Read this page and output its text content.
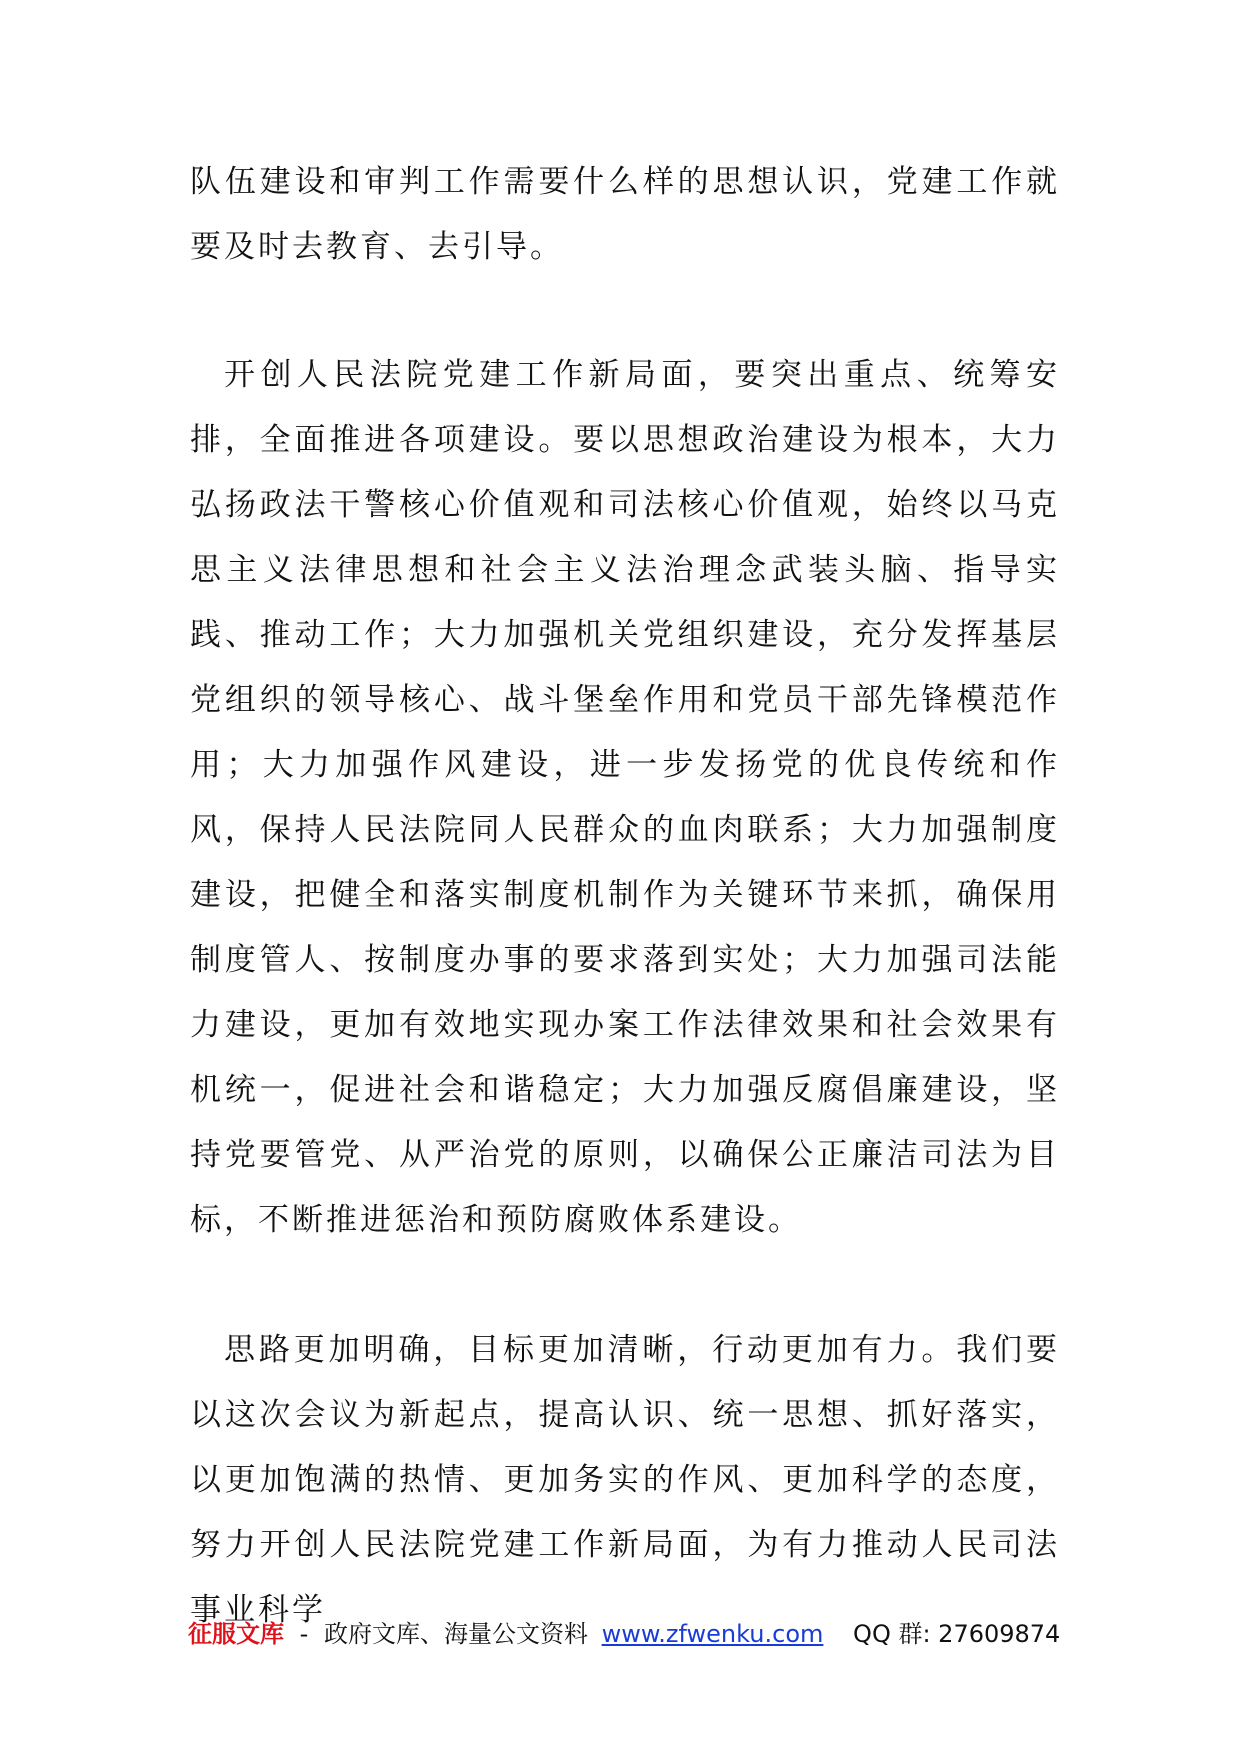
队伍建设和审判工作需要什么样的思想认识，党建工作就要及时去教育、去引导。

开创人民法院党建工作新局面，要突出重点、统筹安排，全面推进各项建设。要以思想政治建设为根本，大力弘扬政法干警核心价值观和司法核心价值观，始终以马克思主义法律思想和社会主义法治理念武装头脑、指导实践、推动工作；大力加强机关党组织建设，充分发挥基层党组织的领导核心、战斗堡垒作用和党员干部先锋模范作用；大力加强作风建设，进一步发扬党的优良传统和作风，保持人民法院同人民群众的血肉联系；大力加强制度建设，把健全和落实制度机制作为关键环节来抓，确保用制度管人、按制度办事的要求落到实处；大力加强司法能力建设，更加有效地实现办案工作法律效果和社会效果有机统一，促进社会和谐稳定；大力加强反腐倡廉建设，坚持党要管党、从严治党的原则，以确保公正廉洁司法为目标，不断推进惩治和预防腐败体系建设。

思路更加明确，目标更加清晰，行动更加有力。我们要以这次会议为新起点，提高认识、统一思想、抓好落实，以更加饱满的热情、更加务实的作风、更加科学的态度，努力开创人民法院党建工作新局面，为有力推动人民司法事业科学

征服文库 - 政府文库、海量公文资料 www.zfwenku.com QQ 群: 27609874
